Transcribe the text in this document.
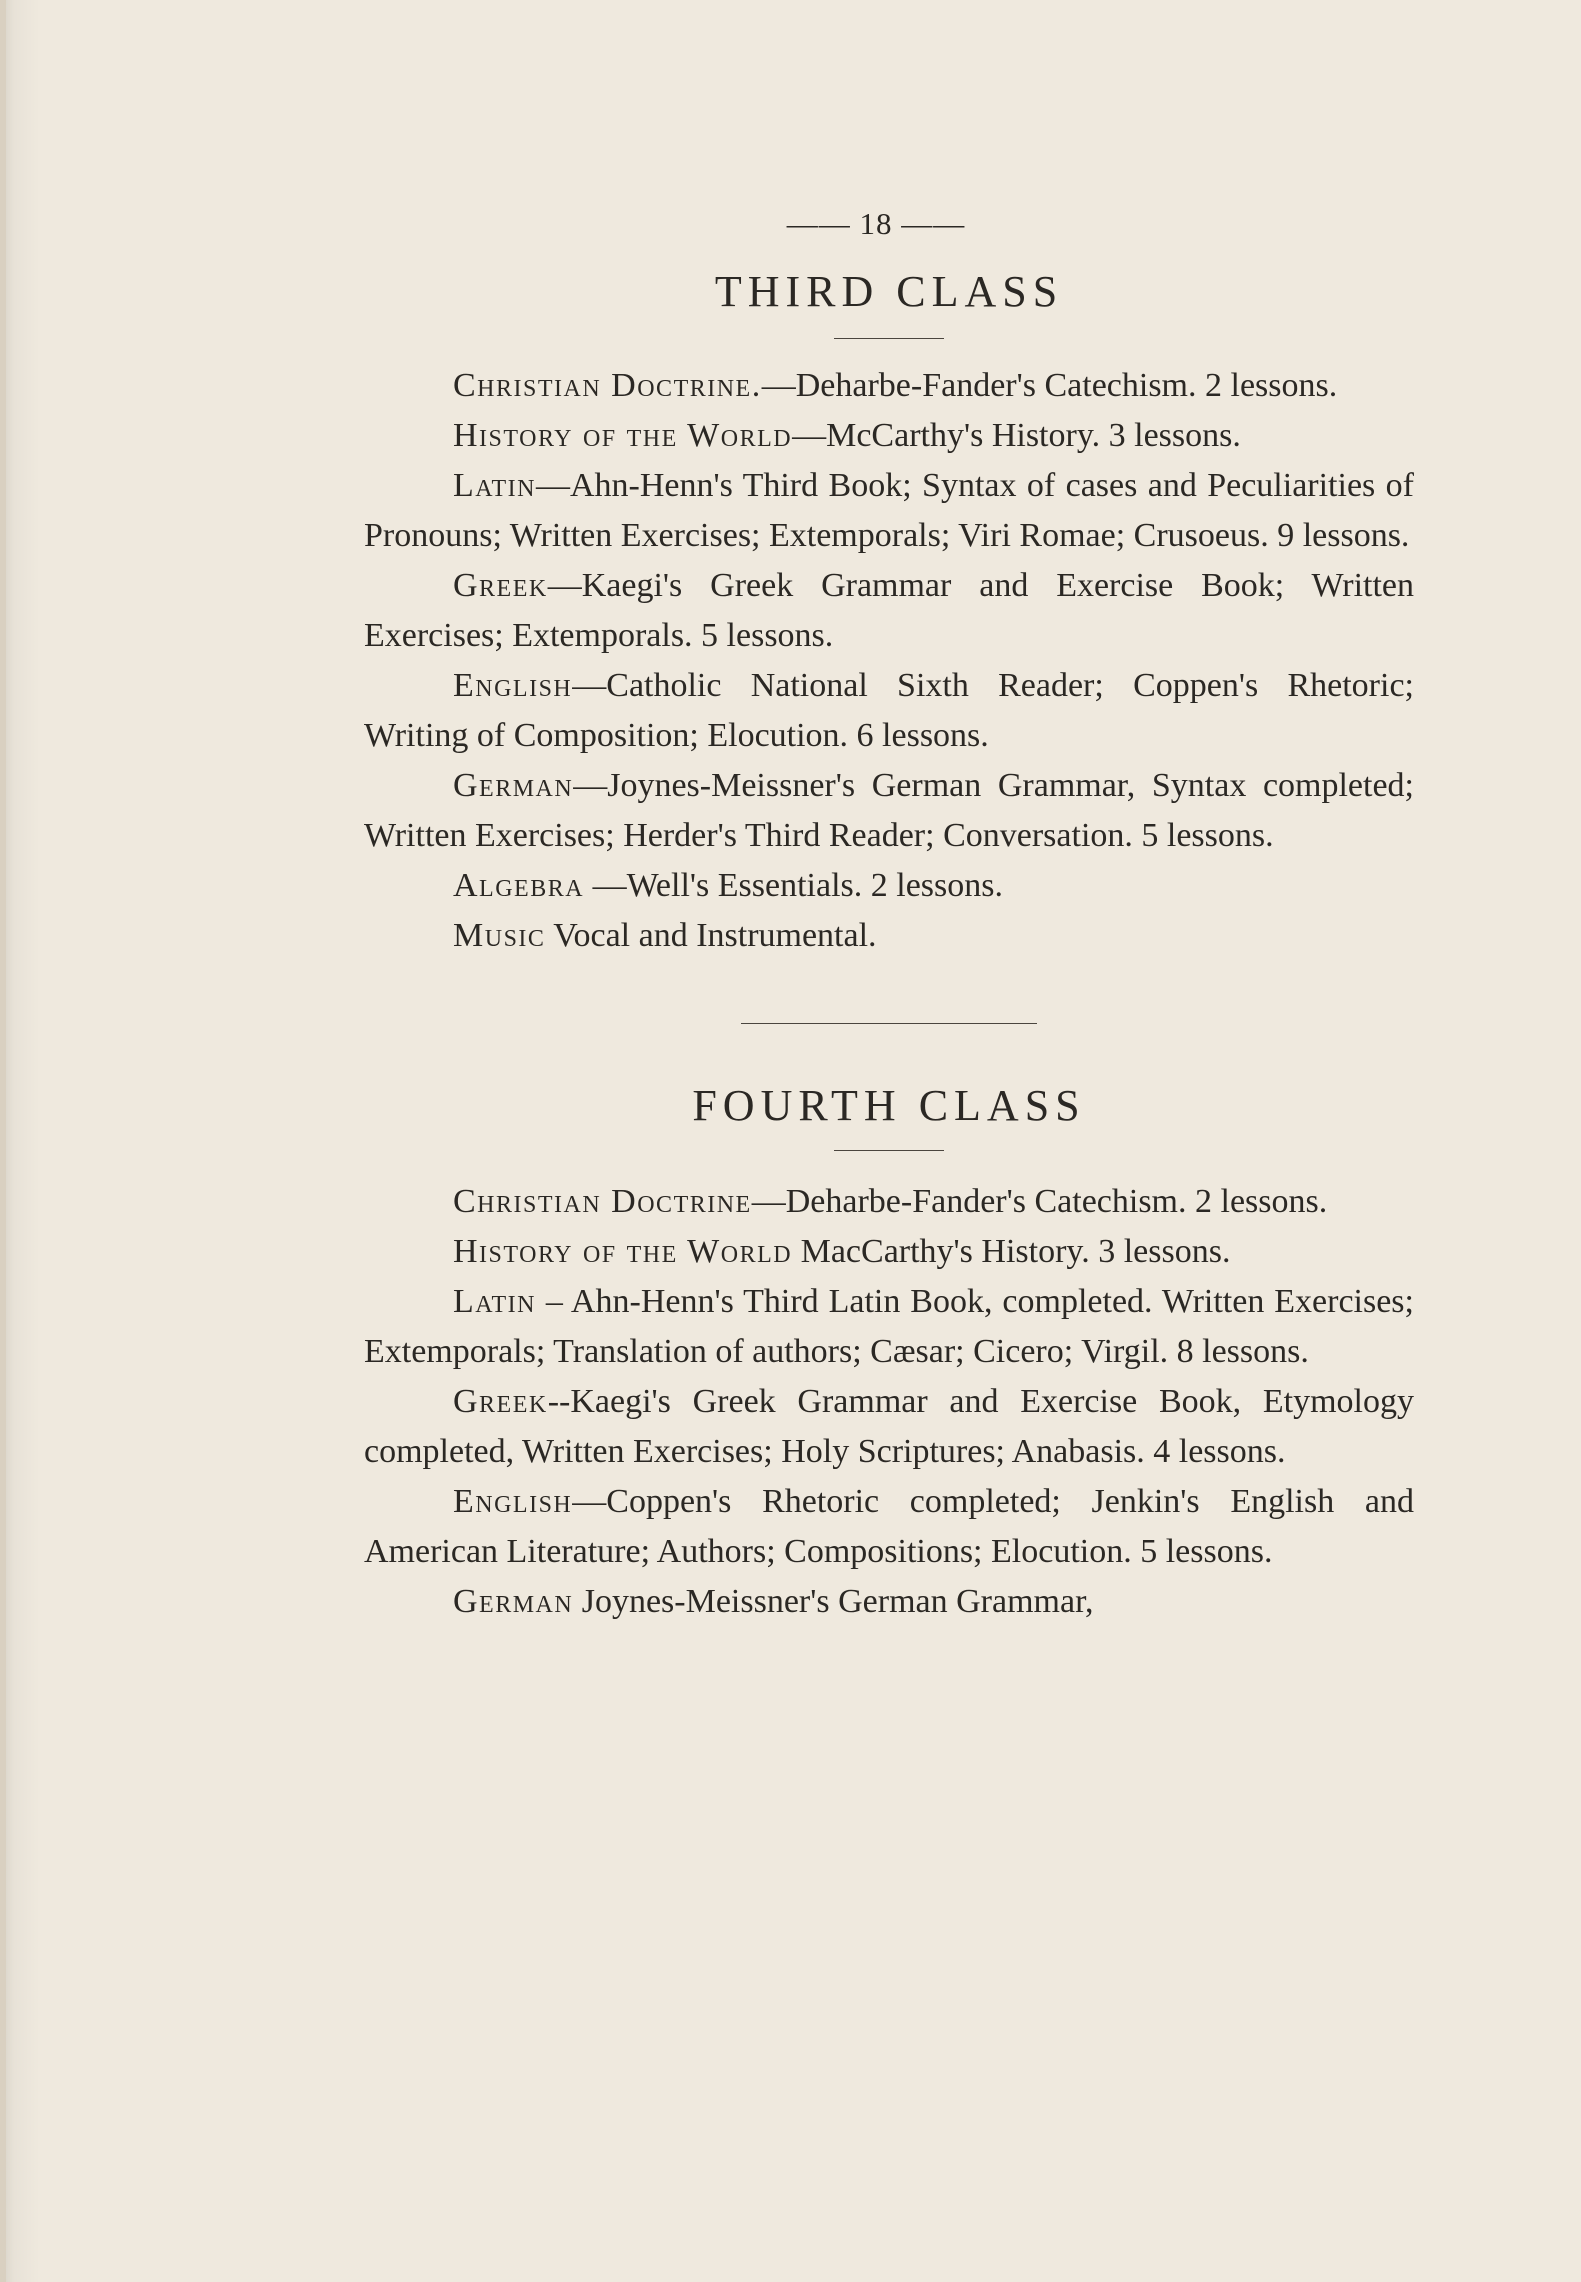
—— 18 ——
THIRD CLASS

Christian Doctrine.—Deharbe-Fander's Catechism. 2 lessons.

History of the World—McCarthy's History. 3 lessons.

Latin—Ahn-Henn's Third Book; Syntax of cases and Peculiarities of Pronouns; Written Exercises; Extemporals; Viri Romae; Crusoeus. 9 lessons.

Greek—Kaegi's Greek Grammar and Exercise Book; Written Exercises; Extemporals. 5 lessons.

English—Catholic National Sixth Reader; Coppen's Rhetoric; Writing of Composition; Elocution. 6 lessons.

German—Joynes-Meissner's German Grammar, Syntax completed; Written Exercises; Herder's Third Reader; Conversation. 5 lessons.

Algebra —Well's Essentials. 2 lessons.

Music Vocal and Instrumental.

FOURTH CLASS

Christian Doctrine—Deharbe-Fander's Catechism. 2 lessons.

History of the World MacCarthy's History. 3 lessons.

Latin – Ahn-Henn's Third Latin Book, completed. Written Exercises; Extemporals; Translation of authors; Cæsar; Cicero; Virgil. 8 lessons.

Greek--Kaegi's Greek Grammar and Exercise Book, Etymology completed, Written Exercises; Holy Scriptures; Anabasis. 4 lessons.

English—Coppen's Rhetoric completed; Jenkin's English and American Literature; Authors; Compositions; Elocution. 5 lessons.

German Joynes-Meissner's German Grammar,
